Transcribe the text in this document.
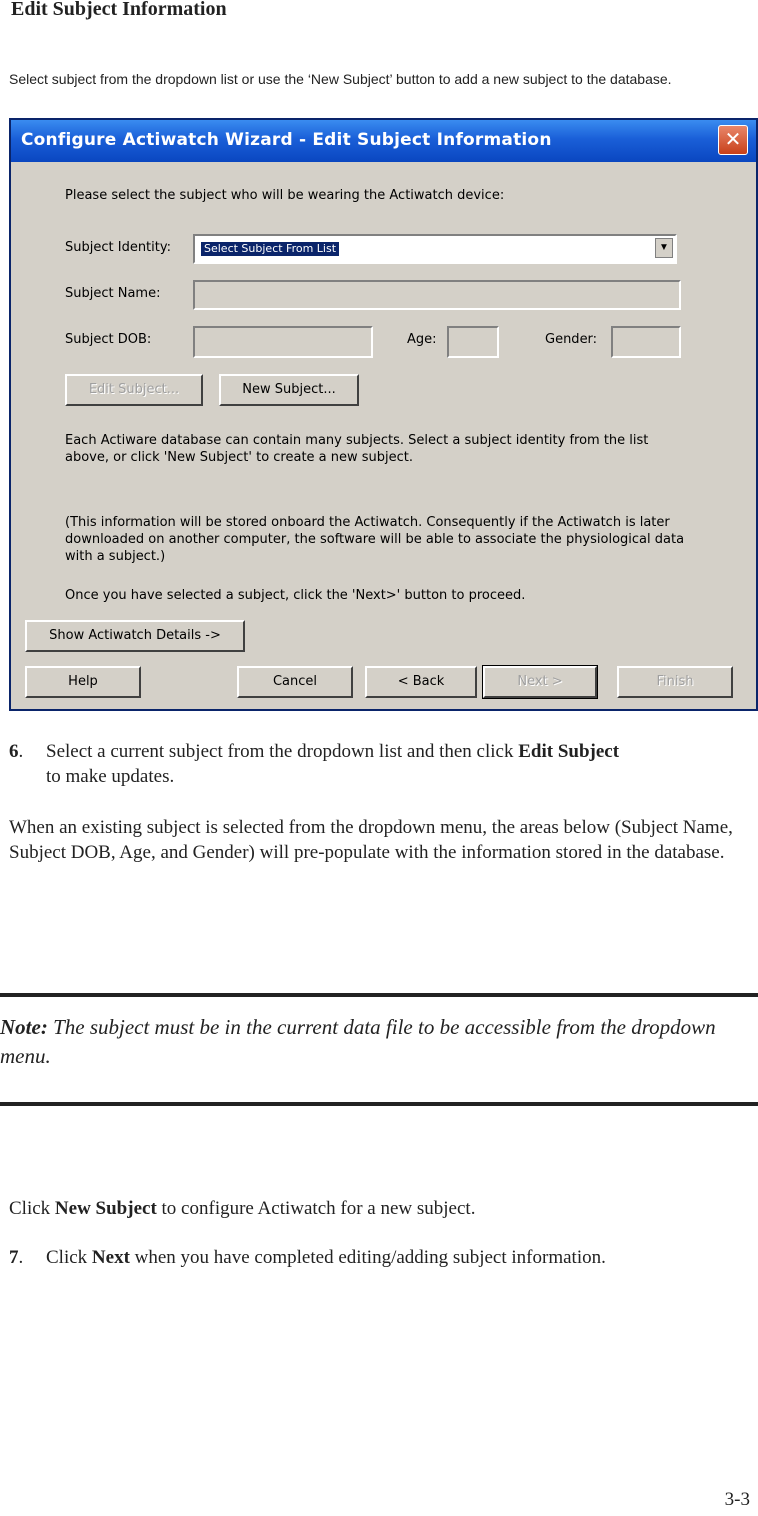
Edit Subject Information
Select subject from the dropdown list or use the ‘New Subject’ button to add a new subject to the database.
Configure Actiwatch Wizard - Edit Subject Information	✕
Please select the subject who will be wearing the Actiwatch device:
Subject Identity:	Select Subject From List	▼
Subject Name:
Subject DOB:	Age:	Gender:
Edit Subject...	New Subject...
Each Actiware database can contain many subjects. Select a subject identity from the list above, or click 'New Subject' to create a new subject.
(This information will be stored onboard the Actiwatch. Consequently if the Actiwatch is later downloaded on another computer, the software will be able to associate the physiological data with a subject.)
Once you have selected a subject, click the 'Next>' button to proceed.
Show Actiwatch Details ->
Help	Cancel	< Back	Next >	Finish
6. Select a current subject from the dropdown list and then click Edit Subject
to make updates.
When an existing subject is selected from the dropdown menu, the areas below (Subject Name, Subject DOB, Age, and Gender) will pre-populate with the information stored in the database.
Note: The subject must be in the current data file to be accessible from the dropdown menu.
Click New Subject to configure Actiwatch for a new subject.
7. Click Next when you have completed editing/adding subject information.
3-3
